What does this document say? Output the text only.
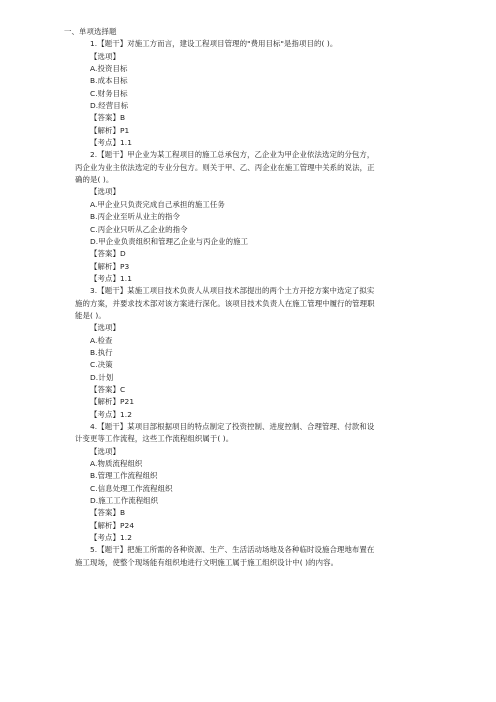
一、单项选择题
1.【题干】对施工方而言，建设工程项目管理的"费用目标"是指项目的( )。
【选项】
A.投资目标
B.成本目标
C.财务目标
D.经营目标
【答案】B
【解析】P1
【考点】1.1
2.【题干】甲企业为某工程项目的施工总承包方，乙企业为甲企业依法选定的分包方，
丙企业为业主依法选定的专业分包方。则关于甲、乙、丙企业在施工管理中关系的说法，正
确的是( )。
【选项】
A.甲企业只负责完成自己承担的施工任务
B.丙企业至听从业主的指令
C.丙企业只听从乙企业的指令
D.甲企业负责组织和管理乙企业与丙企业的施工
【答案】D
【解析】P3
【考点】1.1
3.【题干】某施工项目技术负责人从项目技术部提出的两个土方开挖方案中选定了拟实
施的方案，并要求技术部对该方案进行深化。该项目技术负责人在施工管理中履行的管理职
能是( )。
【选项】
A.检查
B.执行
C.决策
D.计划
【答案】C
【解析】P21
【考点】1.2
4.【题干】某项目部根据项目的特点制定了投资控制、进度控制、合理管理、付款和设
计变更等工作流程，这些工作流程组织属于( )。
【选项】
A.物质流程组织
B.管理工作流程组织
C.信息处理工作流程组织
D.施工工作流程组织
【答案】B
【解析】P24
【考点】1.2
5.【题干】把施工所需的各种资源、生产、生活活动场地及各种临时设施合理地布置在
施工现场，使整个现场能有组织地进行文明施工属于施工组织设计中( )的内容。
